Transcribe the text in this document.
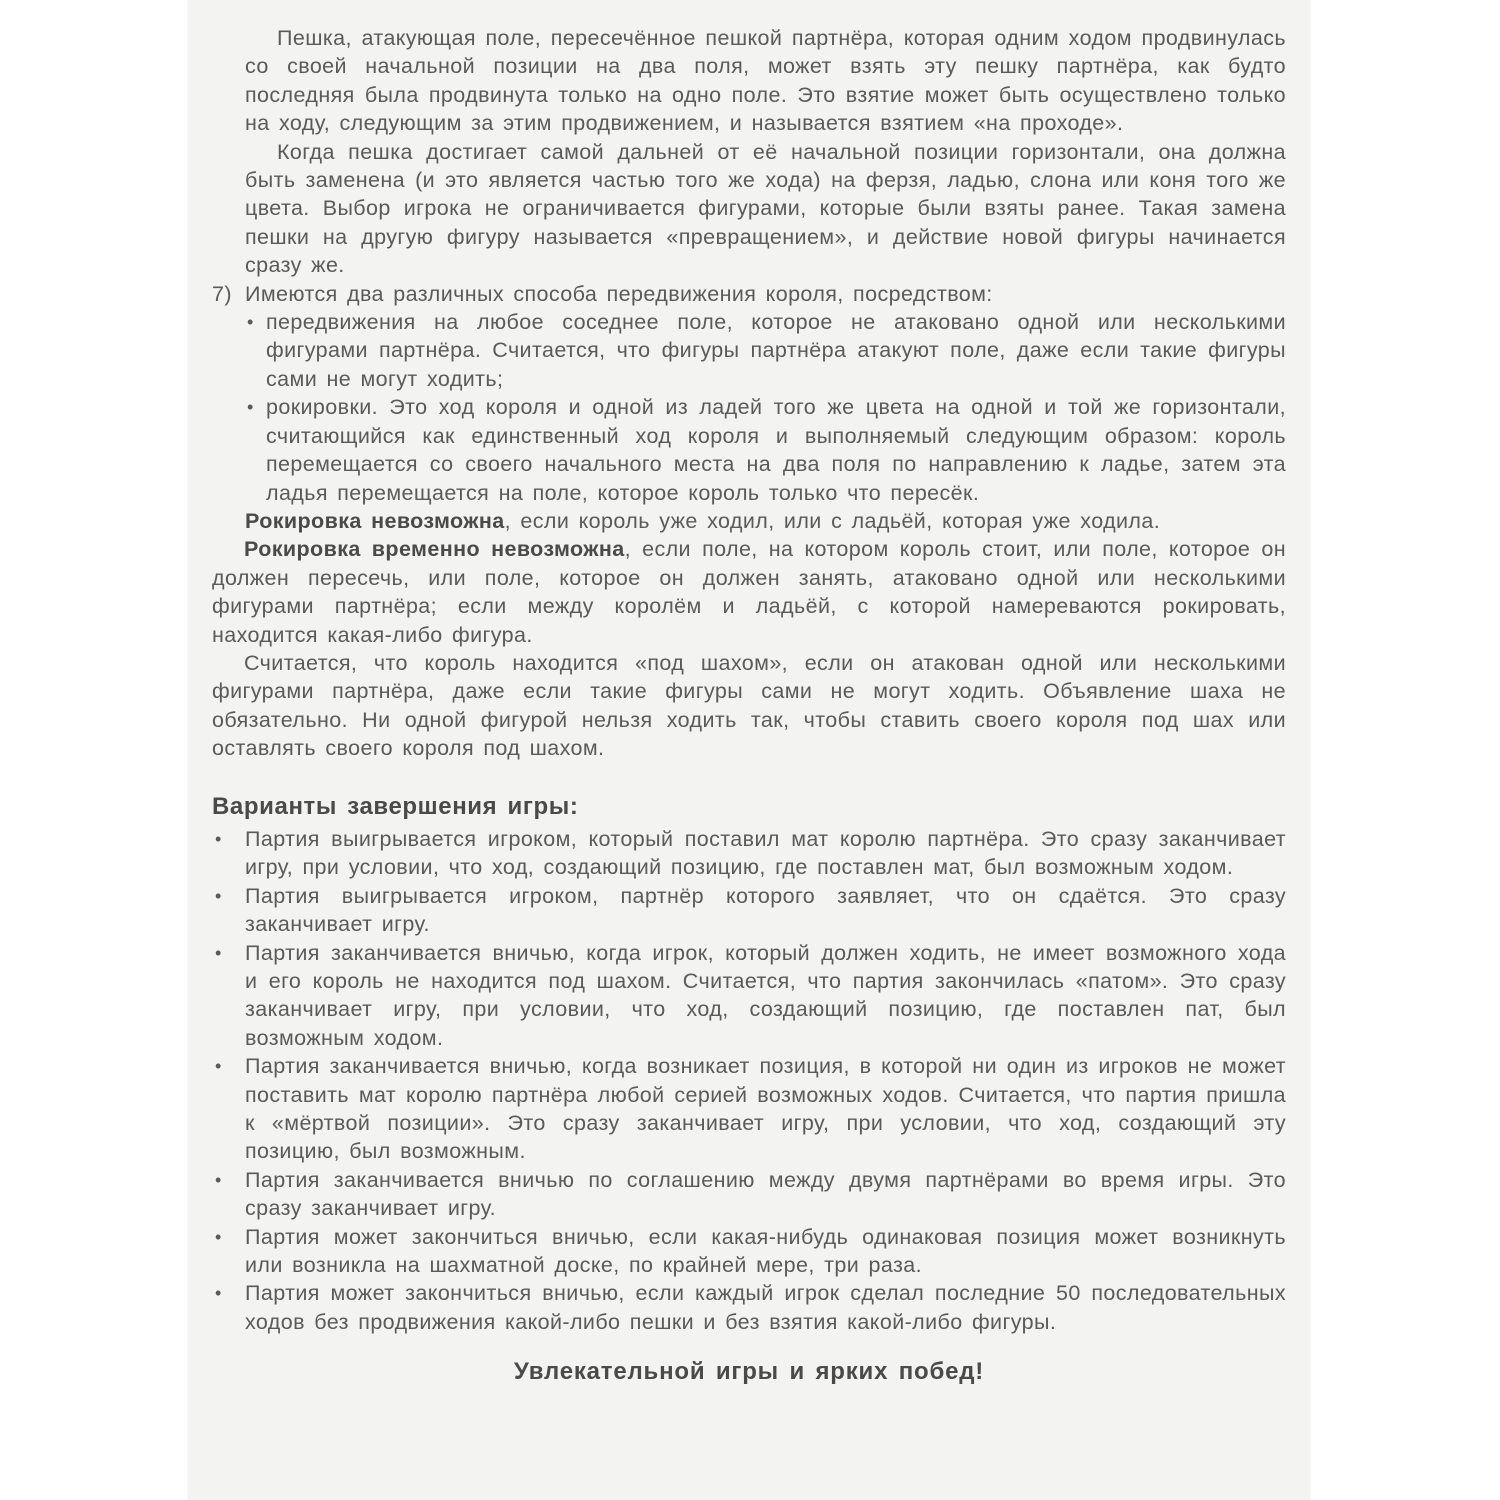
Пешка, атакующая поле, пересечённое пешкой партнёра, которая одним ходом продвинулась со своей начальной позиции на два поля, может взять эту пешку партнёра, как будто последняя была продвинута только на одно поле. Это взятие может быть осуществлено только на ходу, следующим за этим продвижением, и называется взятием «на проходе».

Когда пешка достигает самой дальней от её начальной позиции горизонтали, она должна быть заменена (и это является частью того же хода) на ферзя, ладью, слона или коня того же цвета. Выбор игрока не ограничивается фигурами, которые были взяты ранее. Такая замена пешки на другую фигуру называется «превращением», и действие новой фигуры начинается сразу же.

7) Имеются два различных способа передвижения короля, посредством:

• передвижения на любое соседнее поле, которое не атаковано одной или несколькими фигурами партнёра. Считается, что фигуры партнёра атакуют поле, даже если такие фигуры сами не могут ходить;

• рокировки. Это ход короля и одной из ладей того же цвета на одной и той же горизонтали, считающийся как единственный ход короля и выполняемый следующим образом: король перемещается со своего начального места на два поля по направлению к ладье, затем эта ладья перемещается на поле, которое король только что пересёк.

Рокировка невозможна, если король уже ходил, или с ладьёй, которая уже ходила.

Рокировка временно невозможна, если поле, на котором король стоит, или поле, которое он должен пересечь, или поле, которое он должен занять, атаковано одной или несколькими фигурами партнёра; если между королём и ладьёй, с которой намереваются рокировать, находится какая-либо фигура.

Считается, что король находится «под шахом», если он атакован одной или несколькими фигурами партнёра, даже если такие фигуры сами не могут ходить. Объявление шаха не обязательно. Ни одной фигурой нельзя ходить так, чтобы ставить своего короля под шах или оставлять своего короля под шахом.

Варианты завершения игры:
• Партия выигрывается игроком, который поставил мат королю партнёра. Это сразу заканчивает игру, при условии, что ход, создающий позицию, где поставлен мат, был возможным ходом.

• Партия выигрывается игроком, партнёр которого заявляет, что он сдаётся. Это сразу заканчивает игру.

• Партия заканчивается вничью, когда игрок, который должен ходить, не имеет возможного хода и его король не находится под шахом. Считается, что партия закончилась «патом». Это сразу заканчивает игру, при условии, что ход, создающий позицию, где поставлен пат, был возможным ходом.

• Партия заканчивается вничью, когда возникает позиция, в которой ни один из игроков не может поставить мат королю партнёра любой серией возможных ходов. Считается, что партия пришла к «мёртвой позиции». Это сразу заканчивает игру, при условии, что ход, создающий эту позицию, был возможным.

• Партия заканчивается вничью по соглашению между двумя партнёрами во время игры. Это сразу заканчивает игру.

• Партия может закончиться вничью, если какая-нибудь одинаковая позиция может возникнуть или возникла на шахматной доске, по крайней мере, три раза.

• Партия может закончиться вничью, если каждый игрок сделал последние 50 последовательных ходов без продвижения какой-либо пешки и без взятия какой-либо фигуры.

Увлекательной игры и ярких побед!
